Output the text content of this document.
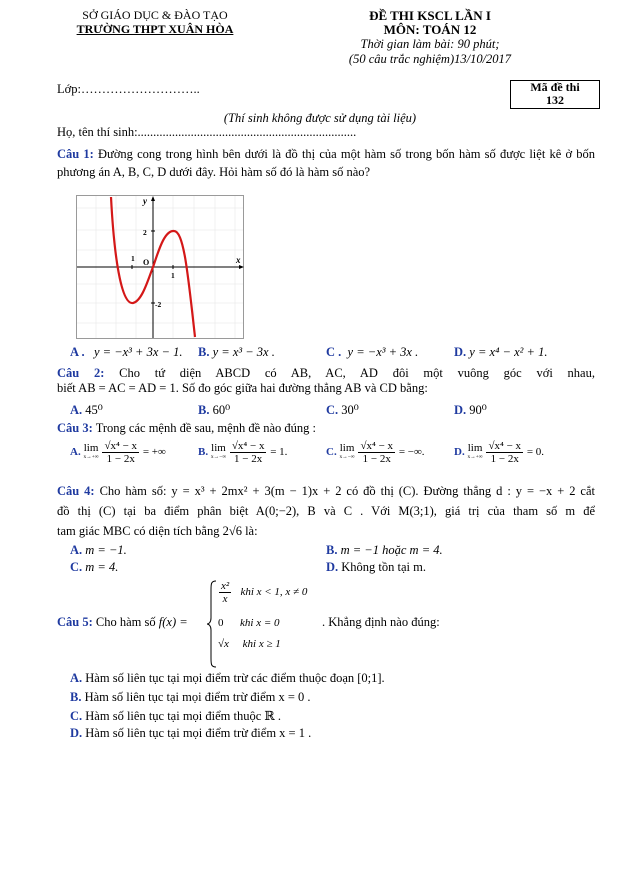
SỞ GIÁO DỤC & ĐÀO TẠO
TRƯỜNG THPT XUÂN HÒA
ĐỀ THI KSCL LẦN I
MÔN: TOÁN 12
Thời gian làm bài: 90 phút;
(50 câu trắc nghiệm)13/10/2017
Lớp:………………………..	Mã đề thi
132
(Thí sinh không được sử dụng tài liệu)
Họ, tên thí sinh:......................................................................
Câu 1: Đường cong trong hình bên dưới là đồ thị của một hàm số trong bốn hàm số được liệt kê ở bốn phương án A, B, C, D dưới đây. Hỏi hàm số đó là hàm số nào?
x
y
O
2
-2
1
1
A . y = −x³ + 3x − 1. B. y = x³ − 3x .	C . y = −x³ + 3x .	D. y = x⁴ − x² + 1.
Câu 2: Cho tứ diện ABCD có AB, AC, AD đôi một vuông góc với nhau,
biết AB = AC = AD = 1. Số đo góc giữa hai đường thẳng AB và CD bằng:
A. 45⁰	B. 60⁰	C. 30⁰	D. 90⁰
Câu 3: Trong các mệnh đề sau, mệnh đề nào đúng :
A. lim
x→+∞
$\frac{\text{√x⁴ − x}}{1 - 2x}$ = +∞	B. lim
x→−∞
$\frac{\text{√x⁴ − x}}{1 - 2x} = 1$.	C. lim
x→−∞
$\frac{\text{√x⁴ − x}}{1 - 2x}$ = −∞.	D. lim
x→+∞
$\frac{\text{√x⁴ − x}}{1 - 2x} = 0$.
Câu 4: Cho hàm số: y = x³ + 2mx² + 3(m − 1)x + 2 có đồ thị (C). Đường thẳng d : y = −x + 2 cắt
đồ thị (C) tại ba điểm phân biệt A(0;−2), B và C . Với M(3;1), giá trị của tham số m để
tam giác MBC có diện tích bằng 2√6 là:
A. m = −1.	B. m = −1 hoặc m = 4.
C. m = 4.	D. Không tồn tại m.
Câu 5: Cho hàm số f(x) =
$\frac{\text{x²}}{x}$ khi x < 1, x ≠ 0
0 khi x = 0
√x khi x ≥ 1
. Khẳng định nào đúng:
A. Hàm số liên tục tại mọi điểm trừ các điểm thuộc đoạn [0;1].
B. Hàm số liên tục tại mọi điểm trừ điểm x = 0 .
C. Hàm số liên tục tại mọi điểm thuộc ℝ .
D. Hàm số liên tục tại mọi điểm trừ điểm x = 1 .
